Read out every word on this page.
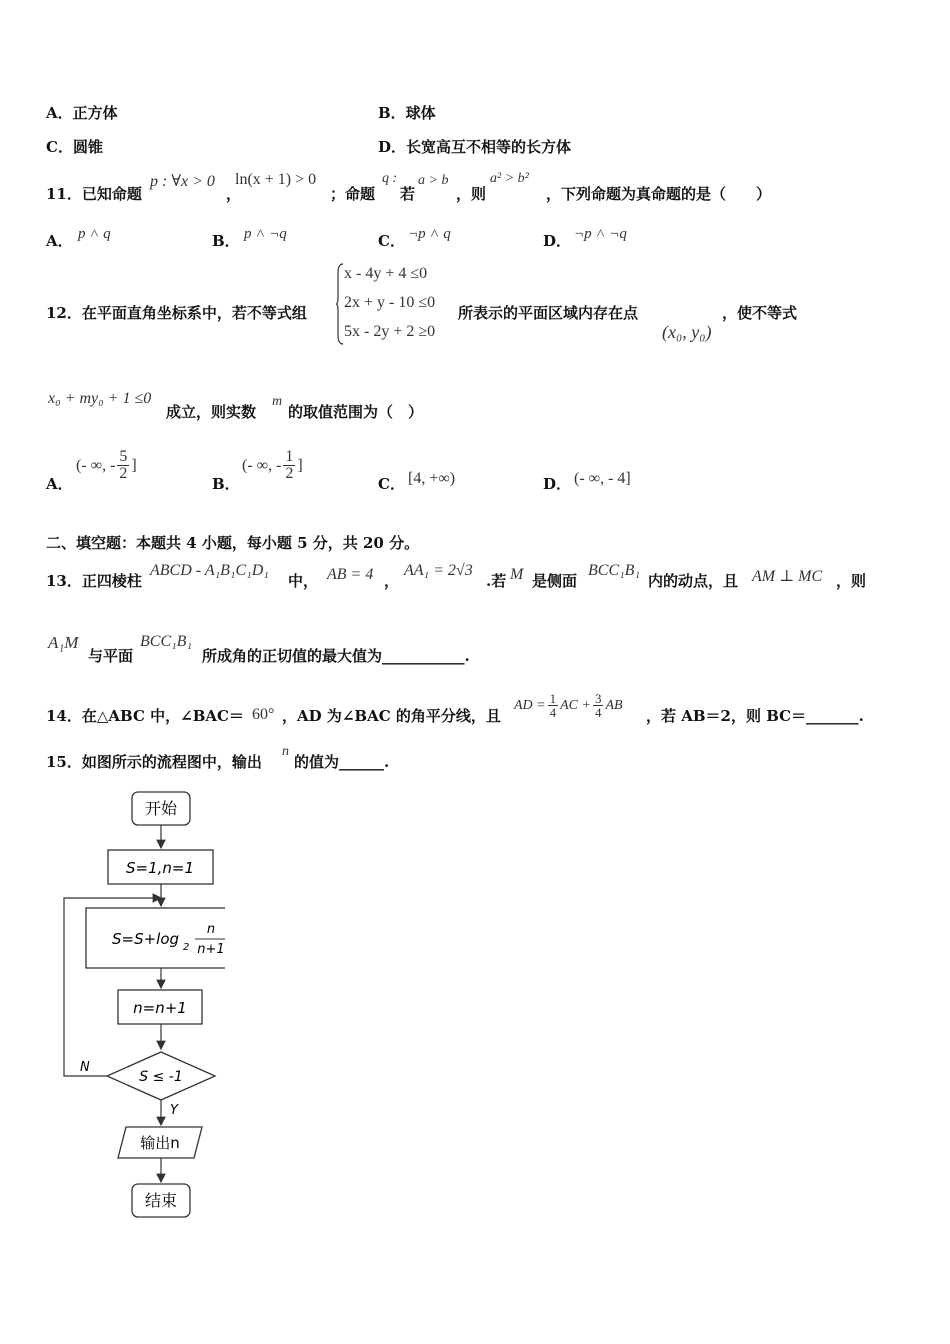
A．正方体	B．球体
C．圆锥	D．长宽高互不相等的长方体
11．已知命题
p : ∀x > 0
，
ln(x + 1) > 0
；命题
q :
若
a > b
，则
a² > b²
，下列命题为真命题的是（　　）
A． p ˄ q	B． p ˄ ¬q	C． ¬p ˄ q	D． ¬p ˄ ¬q
12．在平面直角坐标系中，若不等式组
x - 4y + 4 ≤0
2x + y - 10 ≤0
5x - 2y + 2 ≥0
所表示的平面区域内存在点
(x₀, y₀)
，使不等式
x₀ + my₀ + 1 ≤0
成立，则实数
m
的取值范围为（　）
A．
(- ∞, - $\frac{5}{2}$ ]
B．
(- ∞, - $\frac{1}{2}$ ]
C． [4, +∞)	D． (- ∞, - 4]
二、填空题：本题共 4 小题，每小题 5 分，共 20 分。
13．正四棱柱
ABCD - A₁B₁C₁D₁
中， AB = 4 ，
AA₁ = 2√3
.若 M 是侧面
BCC₁B₁
内的动点，且 AM ⊥ MC ，则
A₁M
与平面
BCC₁B₁
所成角的正切值的最大值为___________.
14．在△ABC 中，∠BAC＝ 60° ，AD 为∠BAC 的角平分线，且
AD = $\frac{1}{4}$ AC + $\frac{3}{4}$ AB
，若 AB＝2，则 BC＝_______.
15．如图所示的流程图中，输出
n
的值为______.
开始
S=1,n=1
S=S+log 2
n
n+1
n=n+1
S ≤ -1
N
Y
输出n
结束
